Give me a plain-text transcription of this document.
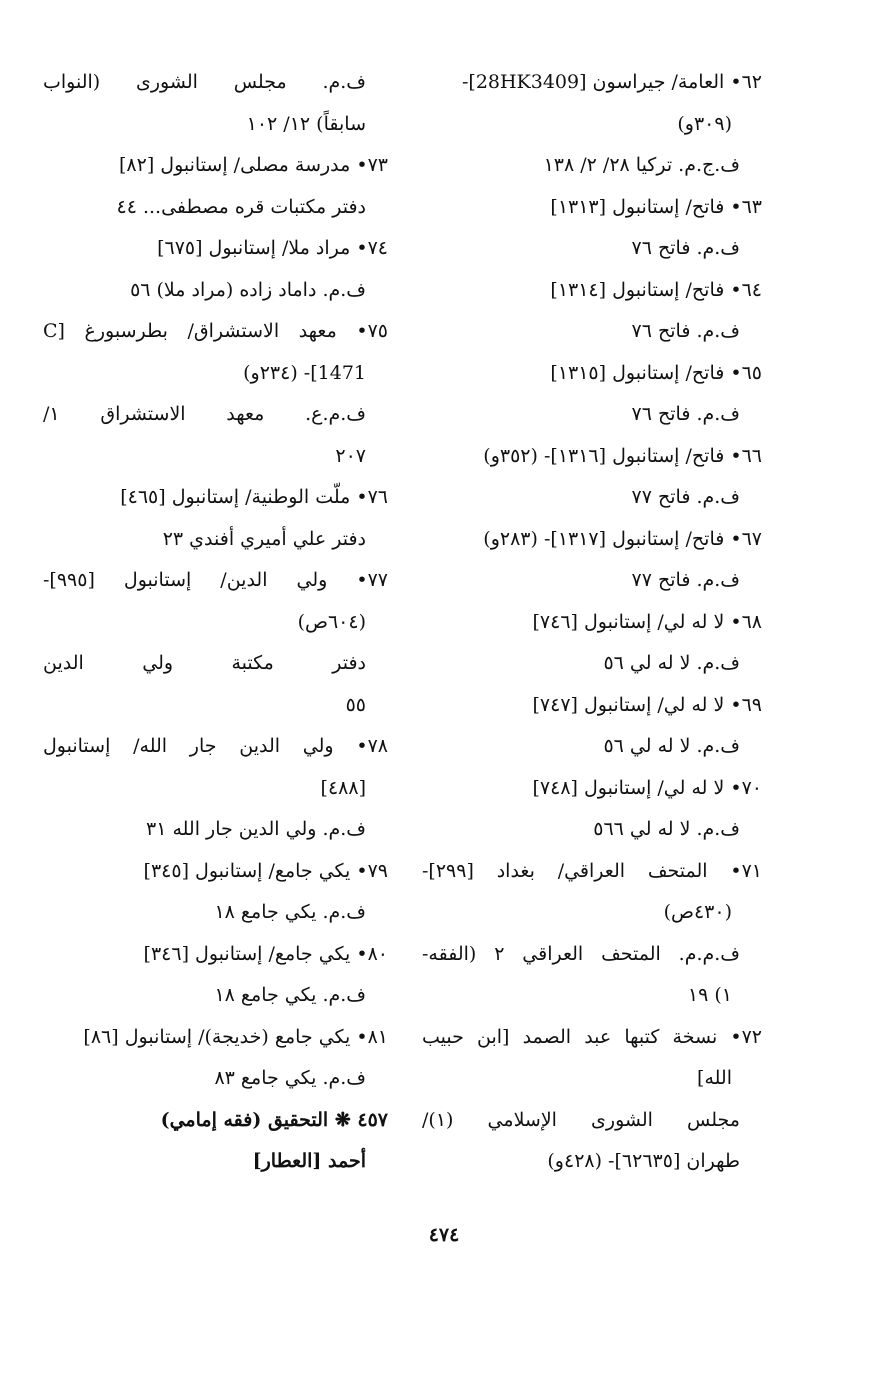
٦٢• العامة/ جيراسون [28HK3409]-
(٣٠٩و)
ف.ج.م. تركيا ٢٨/ ٢/ ١٣٨
٦٣• فاتح/ إستانبول [١٣١٣]
ف.م. فاتح ٧٦
٦٤• فاتح/ إستانبول [١٣١٤]
ف.م. فاتح ٧٦
٦٥• فاتح/ إستانبول [١٣١٥]
ف.م. فاتح ٧٦
٦٦• فاتح/ إستانبول [١٣١٦]- (٣٥٢و)
ف.م. فاتح ٧٧
٦٧• فاتح/ إستانبول [١٣١٧]- (٢٨٣و)
ف.م. فاتح ٧٧
٦٨• لا له لي/ إستانبول [٧٤٦]
ف.م. لا له لي ٥٦
٦٩• لا له لي/ إستانبول [٧٤٧]
ف.م. لا له لي ٥٦
٧٠• لا له لي/ إستانبول [٧٤٨]
ف.م. لا له لي ٥٦٦
٧١• المتحف العراقي/ بغداد [٢٩٩]-
(٤٣٠ص)
ف.م.م. المتحف العراقي ٢ (الفقه-
١) ١٩
٧٢• نسخة كتبها عبد الصمد [ابن حبيب
الله]
مجلس الشورى الإسلامي (١)/
طهران [٦٢٦٣٥]- (٤٢٨و)
ف.م. مجلس الشورى (النواب
سابقاً) ١٢/ ١٠٢
٧٣• مدرسة مصلى/ إستانبول [٨٢]
دفتر مكتبات قره مصطفى... ٤٤
٧٤• مراد ملا/ إستانبول [٦٧٥]
ف.م. داماد زاده (مراد ملا) ٥٦
٧٥• معهد الاستشراق/ بطرسبورغ [C
1471]- (٢٣٤و)
ف.م.ع. معهد الاستشراق ١/
٢٠٧
٧٦• ملّت الوطنية/ إستانبول [٤٦٥]
دفتر علي أميري أفندي ٢٣
٧٧• ولي الدين/ إستانبول [٩٩٥]-
(٦٠٤ص)
دفتر مكتبة ولي الدين
٥٥
٧٨• ولي الدين جار الله/ إستانبول
[٤٨٨]
ف.م. ولي الدين جار الله ٣١
٧٩• يكي جامع/ إستانبول [٣٤٥]
ف.م. يكي جامع ١٨
٨٠• يكي جامع/ إستانبول [٣٤٦]
ف.م. يكي جامع ١٨
٨١• يكي جامع (خديجة)/ إستانبول [٨٦]
ف.م. يكي جامع ٨٣
٤٥٧ ❋ التحقيق (فقه إمامي)
أحمد [العطار]
٤٧٤
